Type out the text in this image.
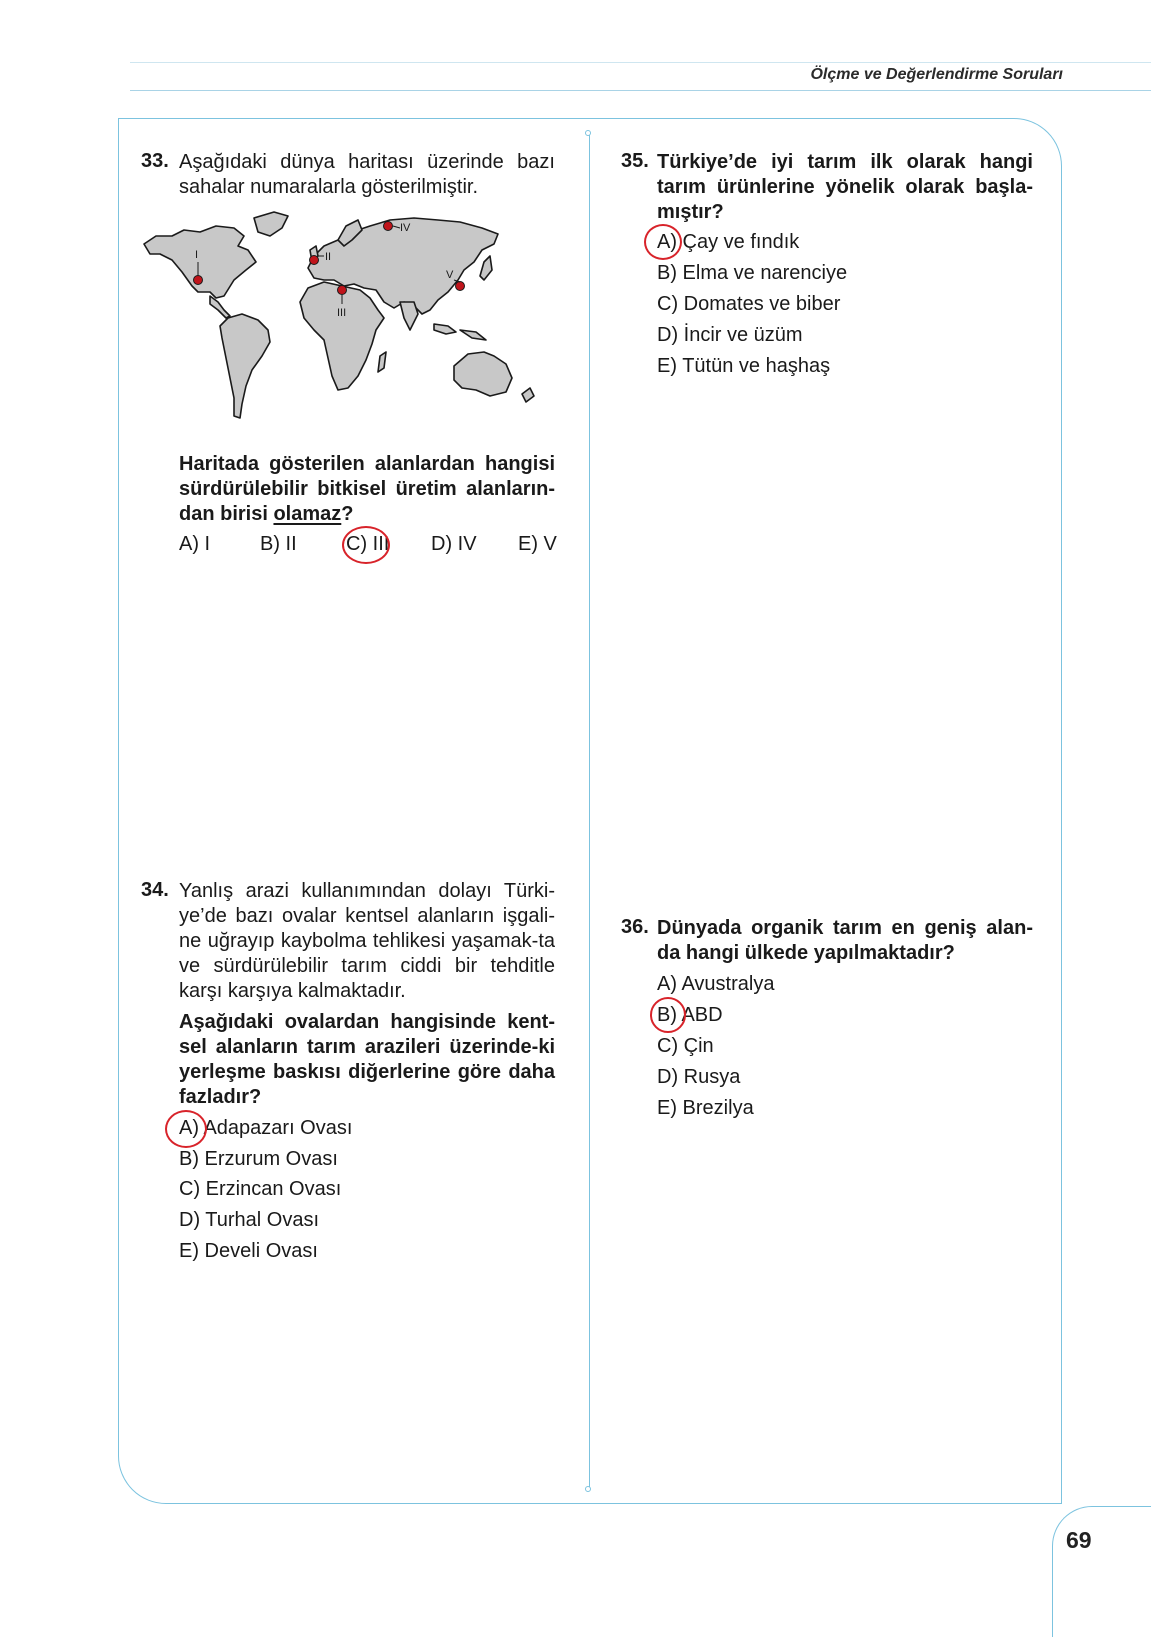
Ölçme ve Değerlendirme Soruları
33. Aşağıdaki dünya haritası üzerinde bazı sahalar numaralarla gösterilmiştir.
I	II
III
IV
V
Haritada gösterilen alanlardan hangisi sürdürülebilir bitkisel üretim alanların-dan birisi olamaz?
A) I B) II C) III D) IV E) V
34. Yanlış arazi kullanımından dolayı Türki-ye’de bazı ovalar kentsel alanların işgali-ne uğrayıp kaybolma tehlikesi yaşamak-ta ve sürdürülebilir tarım ciddi bir tehditle karşı karşıya kalmaktadır.
Aşağıdaki ovalardan hangisinde kent-sel alanların tarım arazileri üzerinde-ki yerleşme baskısı diğerlerine göre daha fazladır?
A) Adapazarı Ovası
B) Erzurum Ovası
C) Erzincan Ovası
D) Turhal Ovası
E) Develi Ovası
35. Türkiye’de iyi tarım ilk olarak hangi tarım ürünlerine yönelik olarak başla-mıştır?
A) Çay ve fındık
B) Elma ve narenciye
C) Domates ve biber
D) İncir ve üzüm
E) Tütün ve haşhaş
36. Dünyada organik tarım en geniş alan-da hangi ülkede yapılmaktadır?
A) Avustralya
B) ABD
C) Çin
D) Rusya
E) Brezilya
69
